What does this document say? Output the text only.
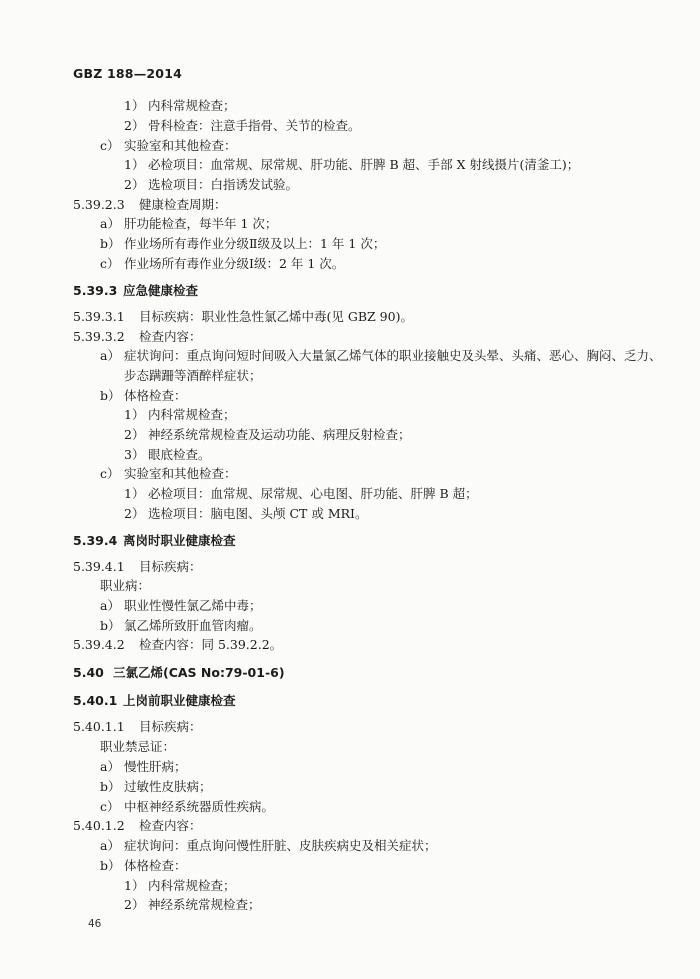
GBZ 188—2014
1） 内科常规检查；
2） 骨科检查：注意手指骨、关节的检查。
c） 实验室和其他检查：
1） 必检项目：血常规、尿常规、肝功能、肝脾 B 超、手部 X 射线摄片(清釜工)；
2） 选检项目：白指诱发试验。
5.39.2.3 健康检查周期：
a） 肝功能检查，每半年 1 次；
b） 作业场所有毒作业分级Ⅱ级及以上：1 年 1 次；
c） 作业场所有毒作业分级Ⅰ级：2 年 1 次。
5.39.3 应急健康检查
5.39.3.1 目标疾病：职业性急性氯乙烯中毒(见 GBZ 90)。
5.39.3.2 检查内容：
a） 症状询问：重点询问短时间吸入大量氯乙烯气体的职业接触史及头晕、头痛、恶心、胸闷、乏力、
步态蹒跚等酒醉样症状；
b） 体格检查：
1） 内科常规检查；
2） 神经系统常规检查及运动功能、病理反射检查；
3） 眼底检查。
c） 实验室和其他检查：
1） 必检项目：血常规、尿常规、心电图、肝功能、肝脾 B 超；
2） 选检项目：脑电图、头颅 CT 或 MRI。
5.39.4 离岗时职业健康检查
5.39.4.1 目标疾病：
职业病：
a） 职业性慢性氯乙烯中毒；
b） 氯乙烯所致肝血管肉瘤。
5.39.4.2 检查内容：同 5.39.2.2。
5.40 三氯乙烯(CAS No:79-01-6)
5.40.1 上岗前职业健康检查
5.40.1.1 目标疾病：
职业禁忌证：
a） 慢性肝病；
b） 过敏性皮肤病；
c） 中枢神经系统器质性疾病。
5.40.1.2 检查内容：
a） 症状询问：重点询问慢性肝脏、皮肤疾病史及相关症状；
b） 体格检查：
1） 内科常规检查；
2） 神经系统常规检查；
46
